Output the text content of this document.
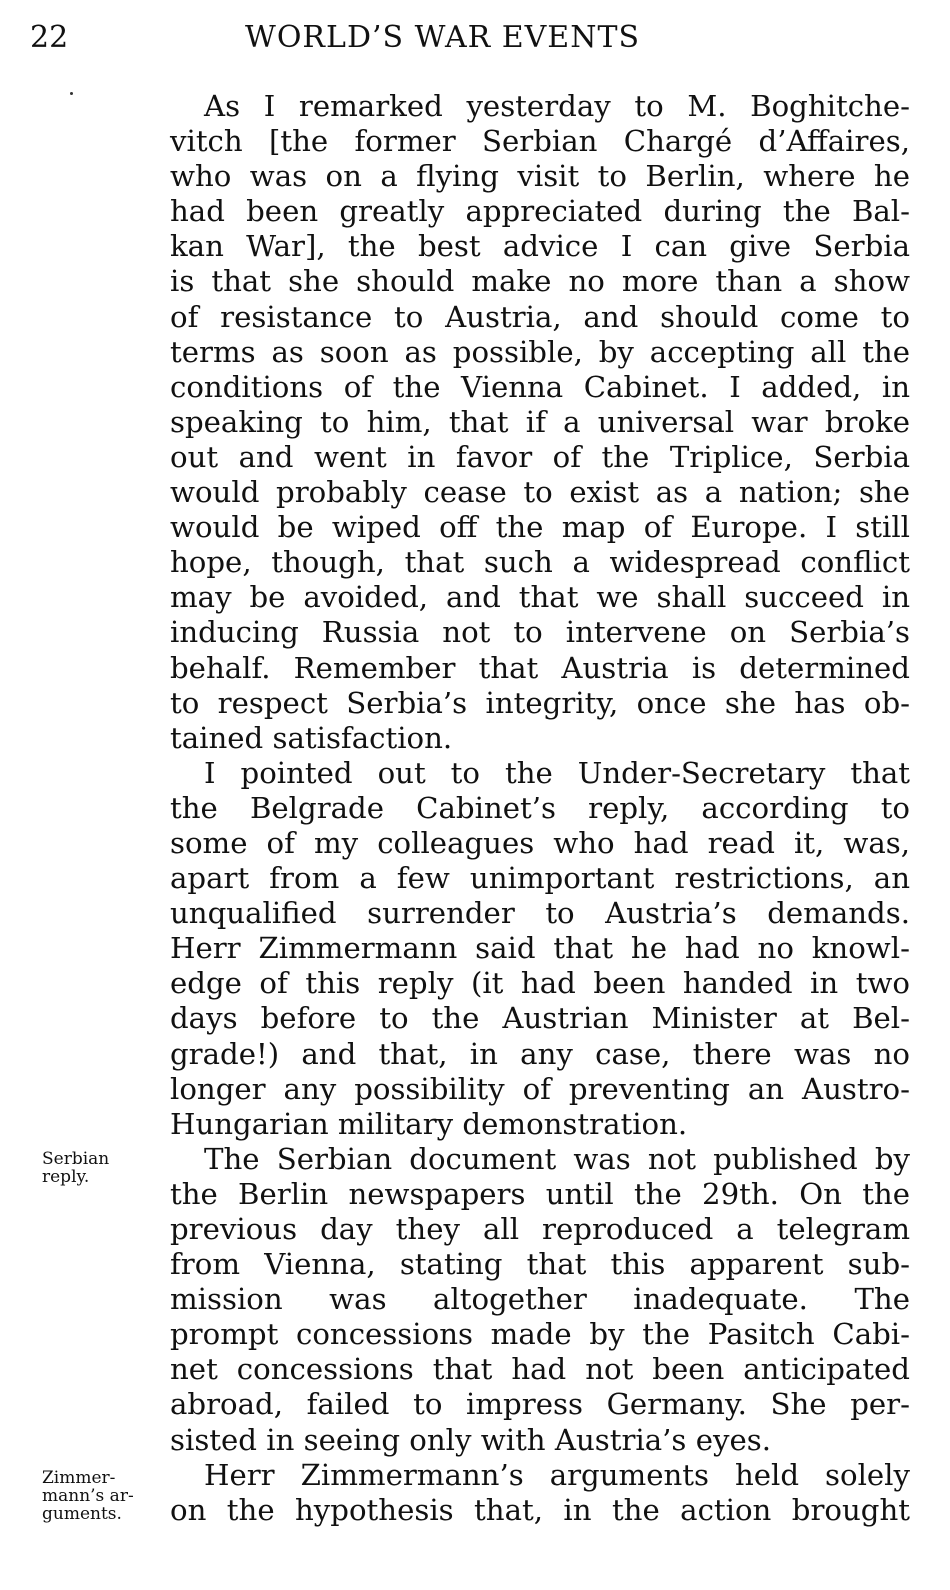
22	WORLD’S WAR EVENTS
As I remarked yesterday to M. Boghitche-
vitch [the former Serbian Chargé d’Affaires,
who was on a flying visit to Berlin, where he
had been greatly appreciated during the Bal-
kan War], the best advice I can give Serbia
is that she should make no more than a show
of resistance to Austria, and should come to
terms as soon as possible, by accepting all the
conditions of the Vienna Cabinet. I added, in
speaking to him, that if a universal war broke
out and went in favor of the Triplice, Serbia
would probably cease to exist as a nation; she
would be wiped off the map of Europe. I still
hope, though, that such a widespread conflict
may be avoided, and that we shall succeed in
inducing Russia not to intervene on Serbia’s
behalf. Remember that Austria is determined
to respect Serbia’s integrity, once she has ob-
tained satisfaction.
I pointed out to the Under-Secretary that
the Belgrade Cabinet’s reply, according to
some of my colleagues who had read it, was,
apart from a few unimportant restrictions, an
unqualified surrender to Austria’s demands.
Herr Zimmermann said that he had no knowl-
edge of this reply (it had been handed in two
days before to the Austrian Minister at Bel-
grade!) and that, in any case, there was no
longer any possibility of preventing an Austro-
Hungarian military demonstration.
The Serbian document was not published by
the Berlin newspapers until the 29th. On the
previous day they all reproduced a telegram
from Vienna, stating that this apparent sub-
mission was altogether inadequate. The
prompt concessions made by the Pasitch Cabi-
net concessions that had not been anticipated
abroad, failed to impress Germany. She per-
sisted in seeing only with Austria’s eyes.
Herr Zimmermann’s arguments held solely
on the hypothesis that, in the action brought
Serbian
reply.
Zimmer-
mann’s ar-
guments.
